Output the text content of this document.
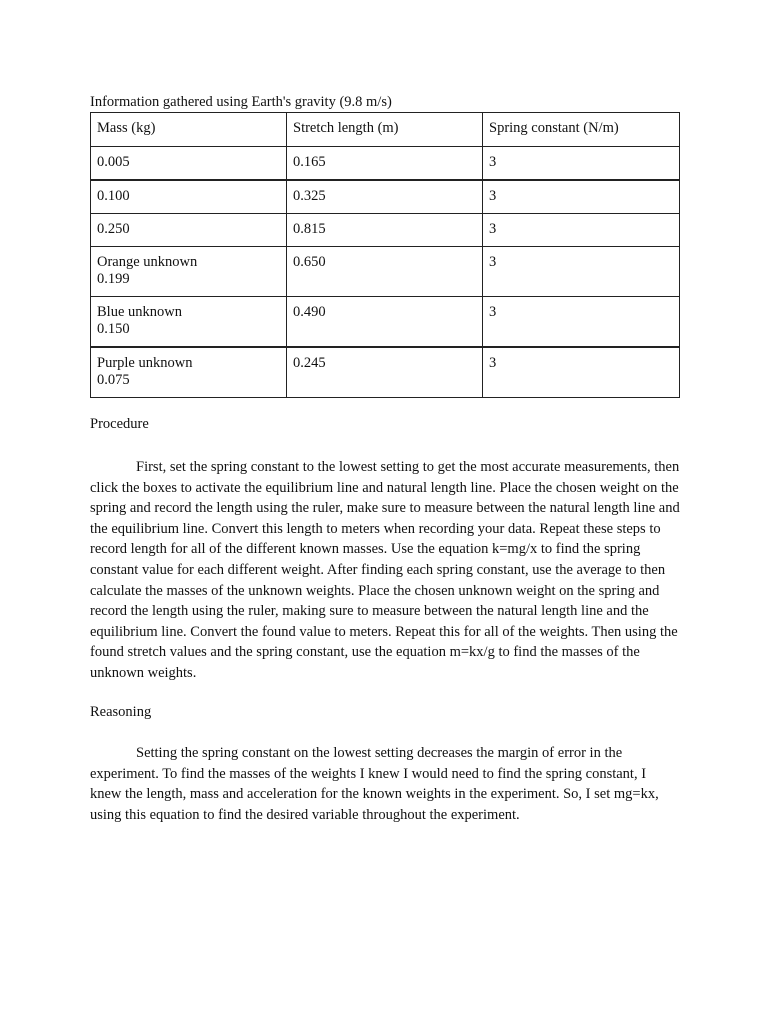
Information gathered using Earth's gravity (9.8 m/s)
Mass (kg)	Stretch length (m)	Spring constant (N/m)
0.005	0.165	3
0.100	0.325	3
0.250	0.815	3

Orange unknown
0.199	0.650	3

Blue unknown
0.150	0.490	3

Purple unknown
0.075	0.245	3
Procedure

First, set the spring constant to the lowest setting to get the most accurate measurements, then click the boxes to activate the equilibrium line and natural length line. Place the chosen weight on the spring and record the length using the ruler, make sure to measure between the natural length line and the equilibrium line. Convert this length to meters when recording your data. Repeat these steps to record length for all of the different known masses. Use the equation k=mg/x to find the spring constant value for each different weight. After finding each spring constant, use the average to then calculate the masses of the unknown weights. Place the chosen unknown weight on the spring and record the length using the ruler, making sure to measure between the natural length line and the equilibrium line. Convert the found value to meters. Repeat this for all of the weights. Then using the found stretch values and the spring constant, use the equation m=kx/g to find the masses of the unknown weights.

Reasoning

Setting the spring constant on the lowest setting decreases the margin of error in the experiment. To find the masses of the weights I knew I would need to find the spring constant, I knew the length, mass and acceleration for the known weights in the experiment. So, I set mg=kx, using this equation to find the desired variable throughout the experiment.
